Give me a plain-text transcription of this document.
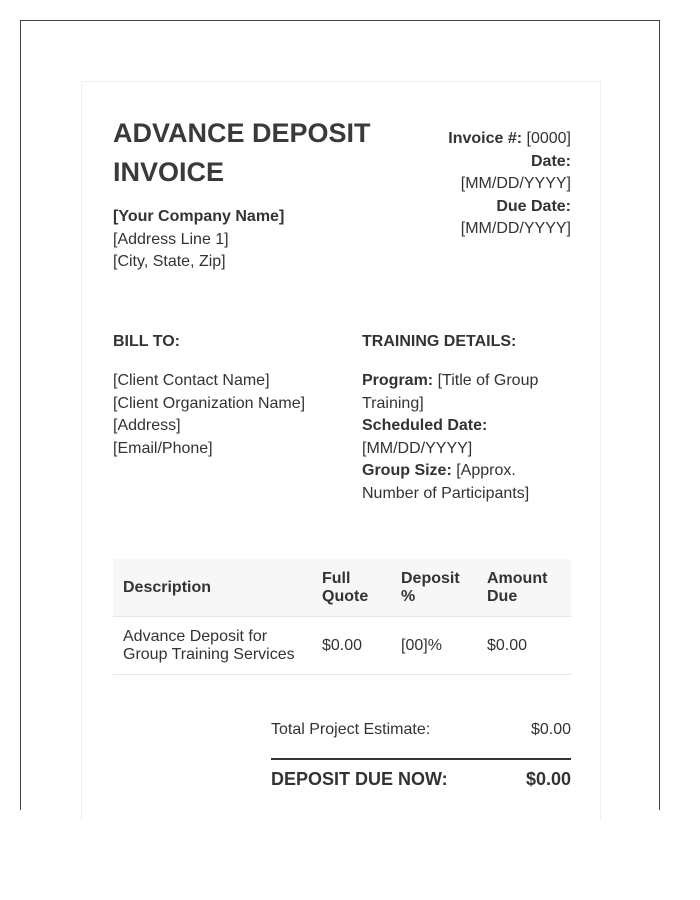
ADVANCE DEPOSIT
INVOICE
Invoice #: [0000]
Date:
[MM/DD/YYYY]
Due Date:
[MM/DD/YYYY]
[Your Company Name]
[Address Line 1]
[City, State, Zip]
BILL TO:
[Client Contact Name]
[Client Organization Name]
[Address]
[Email/Phone]
TRAINING DETAILS:
Program: [Title of Group Training]
Scheduled Date:
[MM/DD/YYYY]
Group Size: [Approx. Number of Participants]
Description	Full Quote	Deposit %	Amount Due
Advance Deposit for Group Training Services	$0.00	[00]%	$0.00
Total Project Estimate:	$0.00
DEPOSIT DUE NOW:	$0.00
